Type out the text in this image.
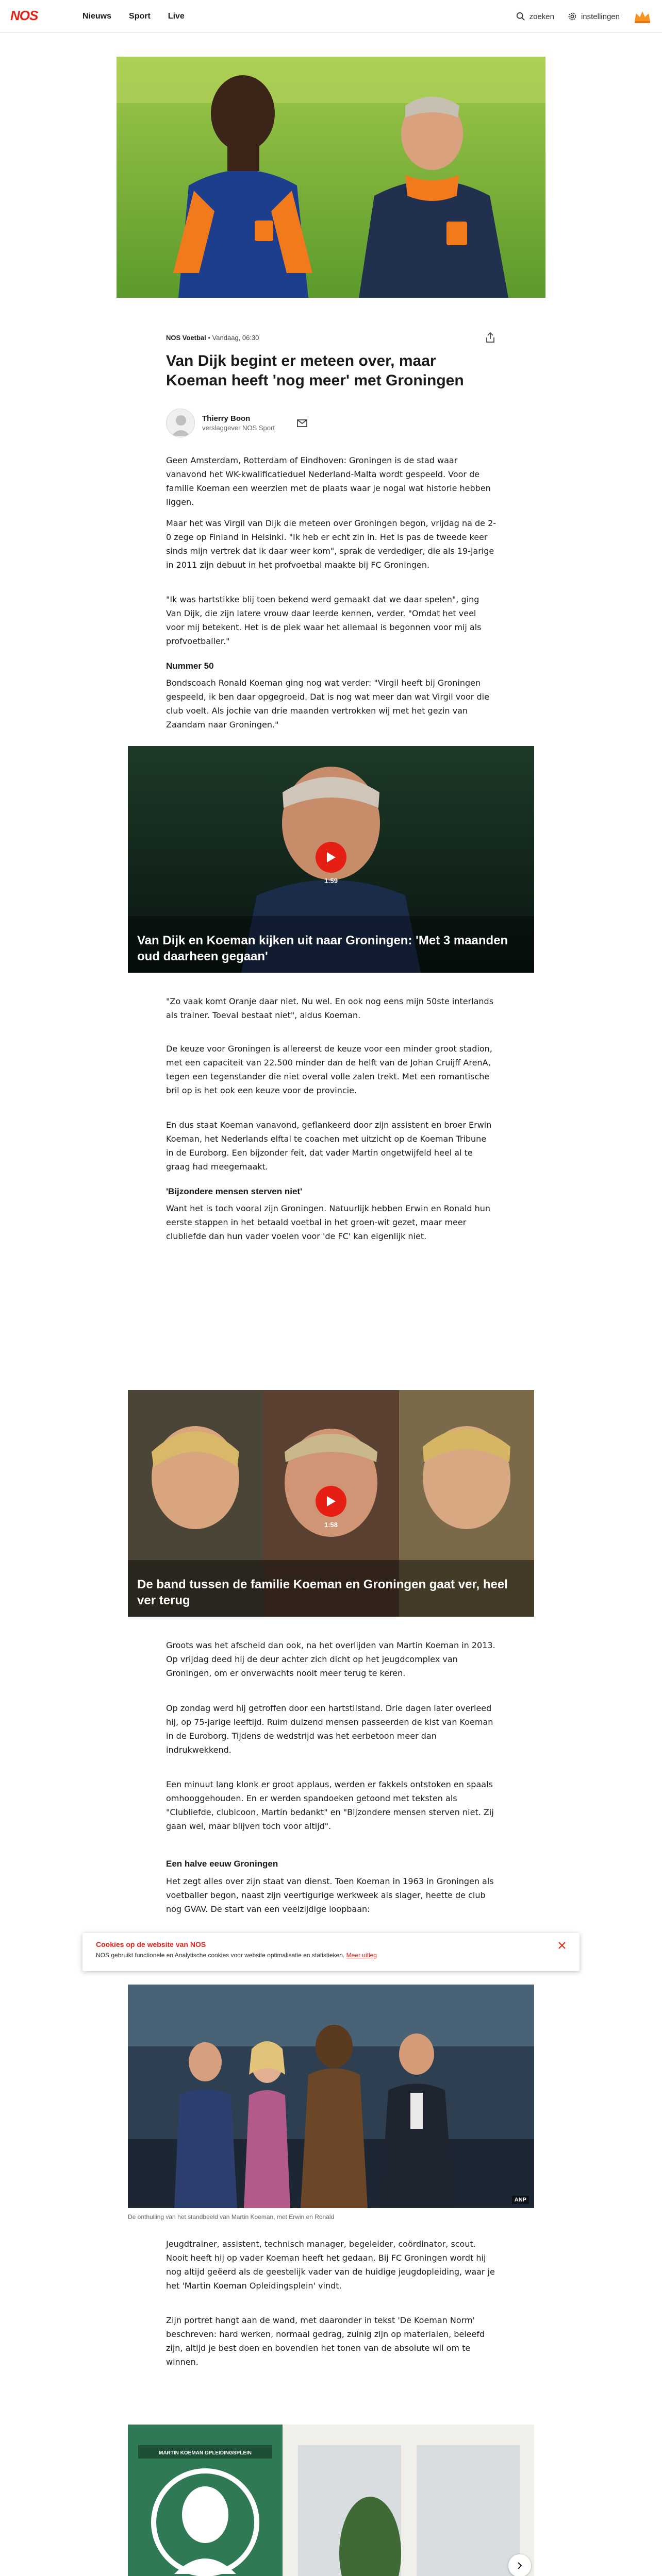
NOS	Nieuws Sport Live	zoeken	instellingen
NOS Voetbal • Vandaag, 06:30
Van Dijk begint er meteen over, maar Koeman heeft 'nog meer' met Groningen
Thierry Boon
verslaggever NOS Sport

Geen Amsterdam, Rotterdam of Eindhoven: Groningen is de stad waar vanavond het WK-kwalificatieduel Nederland-Malta wordt gespeeld. Voor de familie Koeman een weerzien met de plaats waar je nogal wat historie hebben liggen.

Maar het was Virgil van Dijk die meteen over Groningen begon, vrijdag na de 2-0 zege op Finland in Helsinki. "Ik heb er echt zin in. Het is pas de tweede keer sinds mijn vertrek dat ik daar weer kom", sprak de verdediger, die als 19-jarige in 2011 zijn debuut in het profvoetbal maakte bij FC Groningen.

"Ik was hartstikke blij toen bekend werd gemaakt dat we daar spelen", ging Van Dijk, die zijn latere vrouw daar leerde kennen, verder. "Omdat het veel voor mij betekent. Het is de plek waar het allemaal is begonnen voor mij als profvoetballer."

Nummer 50

Bondscoach Ronald Koeman ging nog wat verder: "Virgil heeft bij Groningen gespeeld, ik ben daar opgegroeid. Dat is nog wat meer dan wat Virgil voor die club voelt. Als jochie van drie maanden vertrokken wij met het gezin van Zaandam naar Groningen."

1:59
Van Dijk en Koeman kijken uit naar Groningen: 'Met 3 maanden oud daarheen gegaan'

"Zo vaak komt Oranje daar niet. Nu wel. En ook nog eens mijn 50ste interlands als trainer. Toeval bestaat niet", aldus Koeman.

De keuze voor Groningen is allereerst de keuze voor een minder groot stadion, met een capaciteit van 22.500 minder dan de helft van de Johan Cruijff ArenA, tegen een tegenstander die niet overal volle zalen trekt. Met een romantische bril op is het ook een keuze voor de provincie.

En dus staat Koeman vanavond, geflankeerd door zijn assistent en broer Erwin Koeman, het Nederlands elftal te coachen met uitzicht op de Koeman Tribune in de Euroborg. Een bijzonder feit, dat vader Martin ongetwijfeld heel al te graag had meegemaakt.

'Bijzondere mensen sterven niet'

Want het is toch vooral zijn Groningen. Natuurlijk hebben Erwin en Ronald hun eerste stappen in het betaald voetbal in het groen-wit gezet, maar meer clubliefde dan hun vader voelen voor 'de FC' kan eigenlijk niet.

1:58
De band tussen de familie Koeman en Groningen gaat ver, heel ver terug

Groots was het afscheid dan ook, na het overlijden van Martin Koeman in 2013. Op vrijdag deed hij de deur achter zich dicht op het jeugdcomplex van Groningen, om er onverwachts nooit meer terug te keren.

Op zondag werd hij getroffen door een hartstilstand. Drie dagen later overleed hij, op 75-jarige leeftijd. Ruim duizend mensen passeerden de kist van Koeman in de Euroborg. Tijdens de wedstrijd was het eerbetoon meer dan indrukwekkend.

Een minuut lang klonk er groot applaus, werden er fakkels ontstoken en spaals omhooggehouden. En er werden spandoeken getoond met teksten als "Clubliefde, clubicoon, Martin bedankt" en "Bijzondere mensen sterven niet. Zij gaan wel, maar blijven toch voor altijd".

Een halve eeuw Groningen

Het zegt alles over zijn staat van dienst. Toen Koeman in 1963 in Groningen als voetballer begon, naast zijn veertigurige werkweek als slager, heette de club nog GVAV. De start van een veelzijdige loopbaan:

ANP

De onthulling van het standbeeld van Martin Koeman, met Erwin en Ronald

Cookies op de website van NOS
NOS gebruikt functionele en Analytische cookies voor website optimalisatie en statistieken. Meer uitleg

Jeugdtrainer, assistent, technisch manager, begeleider, coördinator, scout. Nooit heeft hij op vader Koeman heeft het gedaan. Bij FC Groningen wordt hij nog altijd geëerd als de geestelijk vader van de huidige jeugdopleiding, waar je het 'Martin Koeman Opleidingsplein' vindt.

Zijn portret hangt aan de wand, met daaronder in tekst 'De Koeman Norm' beschreven: hard werken, normaal gedrag, zuinig zijn op materialen, beleefd zijn, altijd je best doen en bovendien het tonen van de absolute wil om te winnen.

MARTIN KOEMAN OPLEIDINGSPLEIN
